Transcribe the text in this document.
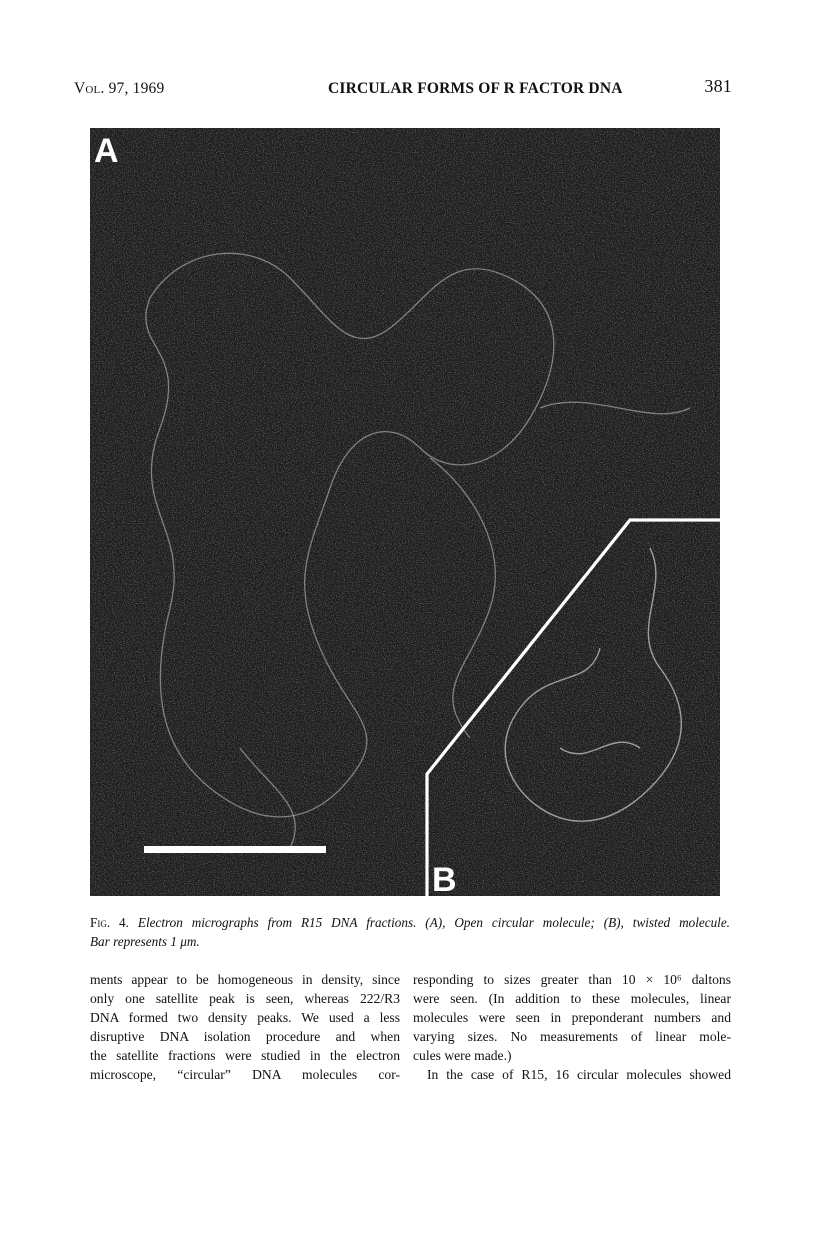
Vol. 97, 1969	CIRCULAR FORMS OF R FACTOR DNA	381
A
B
Fig. 4. Electron micrographs from R15 DNA fractions. (A), Open circular molecule; (B), twisted molecule.
Bar represents 1 μm.
ments appear to be homogeneous in density, since
only one satellite peak is seen, whereas 222/R3
DNA formed two density peaks. We used a less
disruptive DNA isolation procedure and when
the satellite fractions were studied in the electron
microscope, “circular” DNA molecules cor-
responding to sizes greater than 10 × 10⁶ daltons
were seen. (In addition to these molecules, linear
molecules were seen in preponderant numbers and
varying sizes. No measurements of linear mole-
cules were made.)
In the case of R15, 16 circular molecules showed
